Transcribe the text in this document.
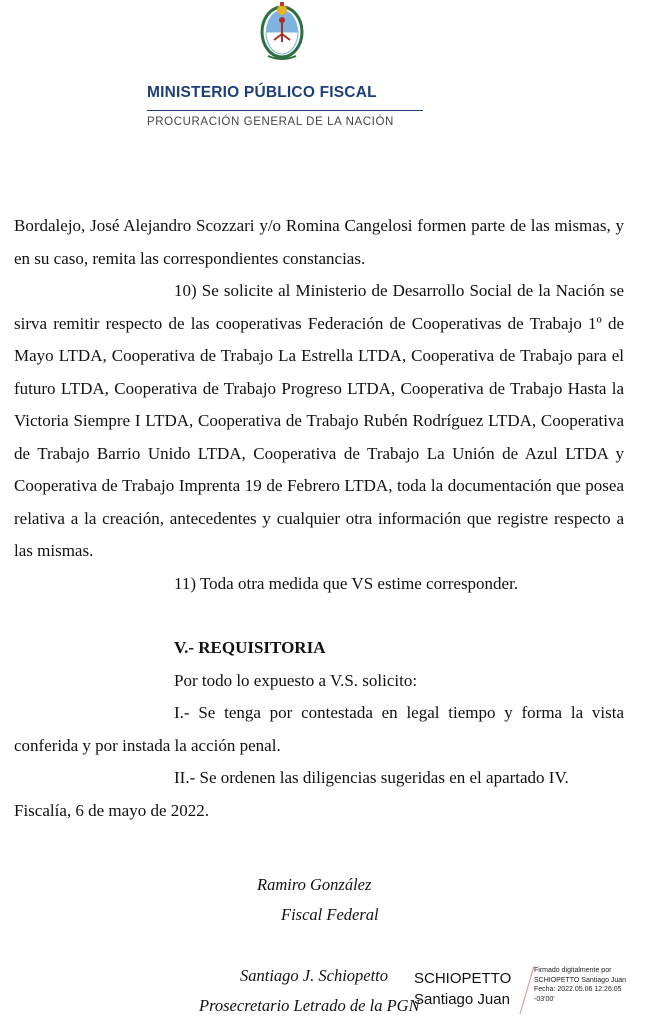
MINISTERIO PÚBLICO FISCAL
PROCURACIÓN GENERAL DE LA NACIÓN

Bordalejo, José Alejandro Scozzari y/o Romina Cangelosi formen parte de las mismas, y en su caso, remita las correspondientes constancias.

10) Se solicite al Ministerio de Desarrollo Social de la Nación se sirva remitir respecto de las cooperativas Federación de Cooperativas de Trabajo 1º de Mayo LTDA, Cooperativa de Trabajo La Estrella LTDA, Cooperativa de Trabajo para el futuro LTDA, Cooperativa de Trabajo Progreso LTDA, Cooperativa de Trabajo Hasta la Victoria Siempre I LTDA, Cooperativa de Trabajo Rubén Rodríguez LTDA, Cooperativa de Trabajo Barrio Unido LTDA, Cooperativa de Trabajo La Unión de Azul LTDA y Cooperativa de Trabajo Imprenta 19 de Febrero LTDA, toda la documentación que posea relativa a la creación, antecedentes y cualquier otra información que registre respecto a las mismas.

11) Toda otra medida que VS estime corresponder.

V.- REQUISITORIA

Por todo lo expuesto a V.S. solicito:

I.- Se tenga por contestada en legal tiempo y forma la vista conferida y por instada la acción penal.

II.- Se ordenen las diligencias sugeridas en el apartado IV.

Fiscalía, 6 de mayo de 2022.

Ramiro González
Fiscal Federal
Santiago J. Schiopetto
Prosecretario Letrado de la PGN
SCHIOPETTO
Santiago Juan
Firmado digitalmente por
SCHIOPETTO Santiago Juan
Fecha: 2022.05.06 12:26:05
-03'00'
